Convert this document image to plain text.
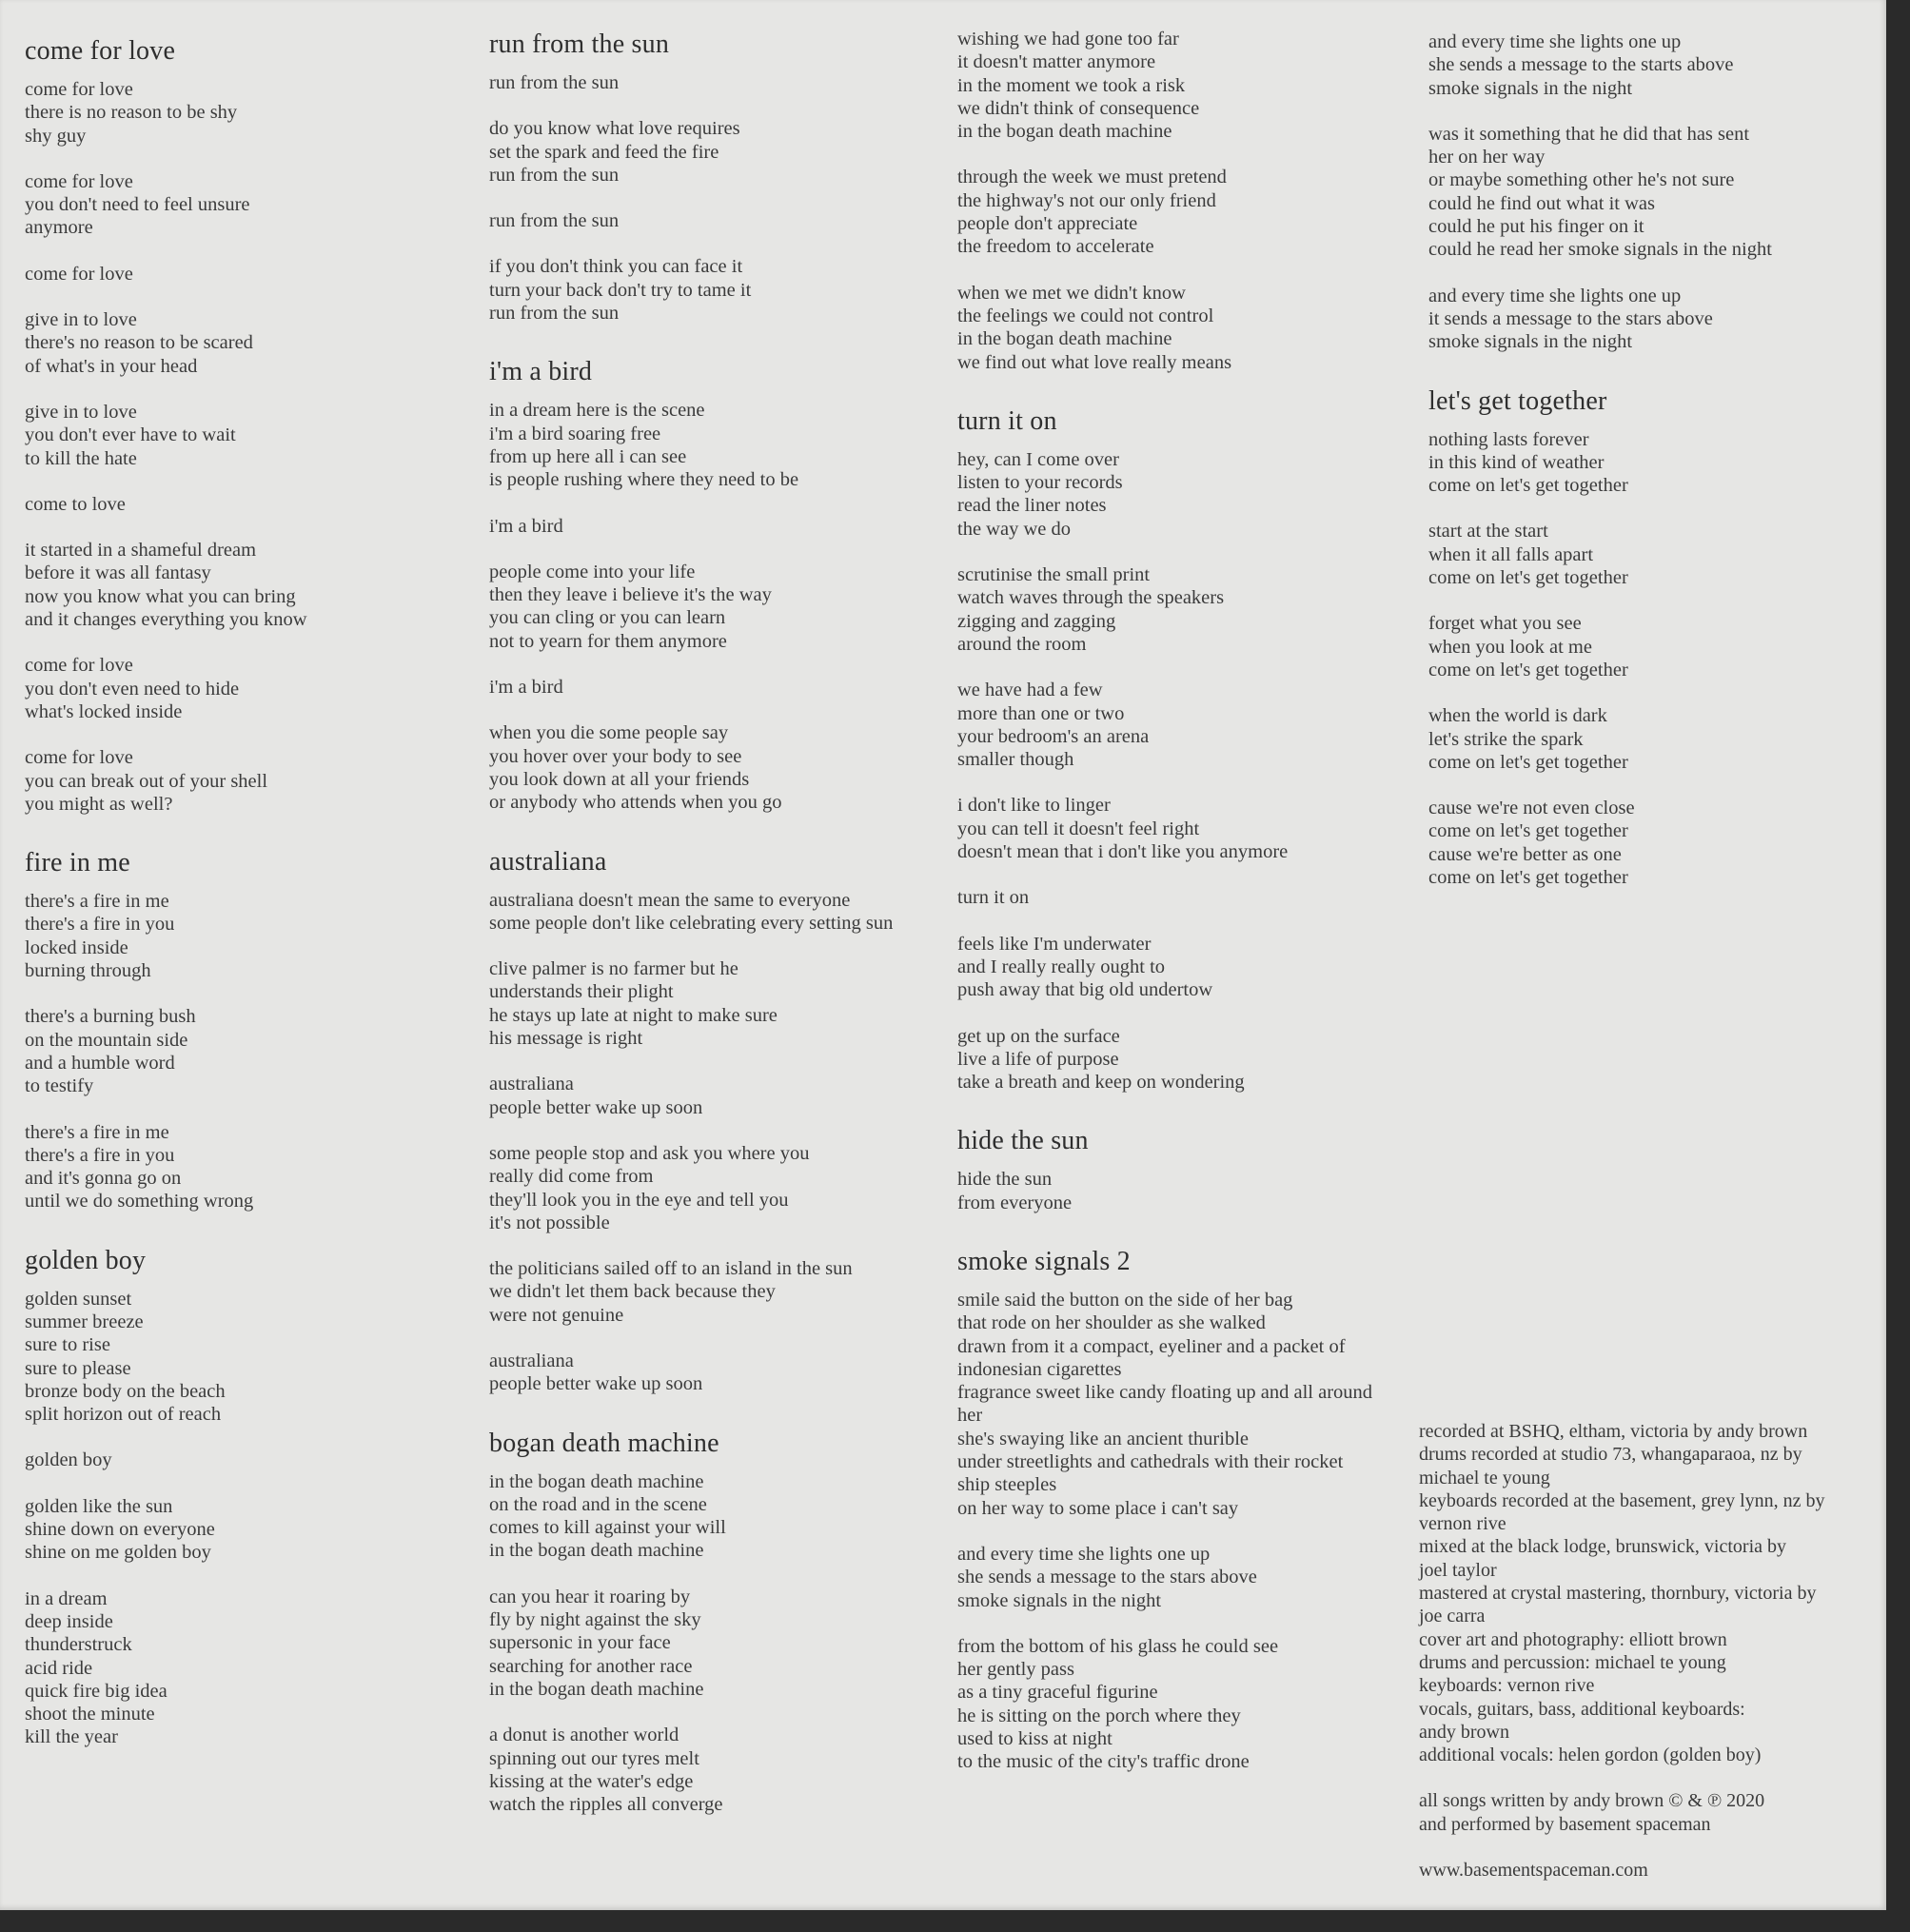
come for love
come for love
there is no reason to be shy
shy guy
come for love
you don't need to feel unsure
anymore
come for love
give in to love
there's no reason to be scared
of what's in your head
give in to love
you don't ever have to wait
to kill the hate
come to love
it started in a shameful dream
before it was all fantasy
now you know what you can bring
and it changes everything you know
come for love
you don't even need to hide
what's locked inside
come for love
you can break out of your shell
you might as well?
fire in me
there's a fire in me
there's a fire in you
locked inside
burning through
there's a burning bush
on the mountain side
and a humble word
to testify
there's a fire in me
there's a fire in you
and it's gonna go on
until we do something wrong
golden boy
golden sunset
summer breeze
sure to rise
sure to please
bronze body on the beach
split horizon out of reach
golden boy
golden like the sun
shine down on everyone
shine on me golden boy
in a dream
deep inside
thunderstruck
acid ride
quick fire big idea
shoot the minute
kill the year
run from the sun
run from the sun
do you know what love requires
set the spark and feed the fire
run from the sun
run from the sun
if you don't think you can face it
turn your back don't try to tame it
run from the sun
i'm a bird
in a dream here is the scene
i'm a bird soaring free
from up here all i can see
is people rushing where they need to be
i'm a bird
people come into your life
then they leave i believe it's the way
you can cling or you can learn
not to yearn for them anymore
i'm a bird
when you die some people say
you hover over your body to see
you look down at all your friends
or anybody who attends when you go
australiana
australiana doesn't mean the same to everyone
some people don't like celebrating every setting sun
clive palmer is no farmer but he
understands their plight
he stays up late at night to make sure
his message is right
australiana
people better wake up soon
some people stop and ask you where you
really did come from
they'll look you in the eye and tell you
it's not possible
the politicians sailed off to an island in the sun
we didn't let them back because they
were not genuine
australiana
people better wake up soon
bogan death machine
in the bogan death machine
on the road and in the scene
comes to kill against your will
in the bogan death machine
can you hear it roaring by
fly by night against the sky
supersonic in your face
searching for another race
in the bogan death machine
a donut is another world
spinning out our tyres melt
kissing at the water's edge
watch the ripples all converge
wishing we had gone too far
it doesn't matter anymore
in the moment we took a risk
we didn't think of consequence
in the bogan death machine
through the week we must pretend
the highway's not our only friend
people don't appreciate
the freedom to accelerate
when we met we didn't know
the feelings we could not control
in the bogan death machine
we find out what love really means
turn it on
hey, can I come over
listen to your records
read the liner notes
the way we do
scrutinise the small print
watch waves through the speakers
zigging and zagging
around the room
we have had a few
more than one or two
your bedroom's an arena
smaller though
i don't like to linger
you can tell it doesn't feel right
doesn't mean that i don't like you anymore
turn it on
feels like I'm underwater
and I really really ought to
push away that big old undertow
get up on the surface
live a life of purpose
take a breath and keep on wondering
hide the sun
hide the sun
from everyone
smoke signals 2
smile said the button on the side of her bag
that rode on her shoulder as she walked
drawn from it a compact, eyeliner and a packet of
indonesian cigarettes
fragrance sweet like candy floating up and all around
her
she's swaying like an ancient thurible
under streetlights and cathedrals with their rocket
ship steeples
on her way to some place i can't say
and every time she lights one up
she sends a message to the stars above
smoke signals in the night
from the bottom of his glass he could see
her gently pass
as a tiny graceful figurine
he is sitting on the porch where they
used to kiss at night
to the music of the city's traffic drone
and every time she lights one up
she sends a message to the starts above
smoke signals in the night
was it something that he did that has sent
her on her way
or maybe something other he's not sure
could he find out what it was
could he put his finger on it
could he read her smoke signals in the night
and every time she lights one up
it sends a message to the stars above
smoke signals in the night
let's get together
nothing lasts forever
in this kind of weather
come on let's get together
start at the start
when it all falls apart
come on let's get together
forget what you see
when you look at me
come on let's get together
when the world is dark
let's strike the spark
come on let's get together
cause we're not even close
come on let's get together
cause we're better as one
come on let's get together
recorded at BSHQ, eltham, victoria by andy brown
drums recorded at studio 73, whangaparaoa, nz by
michael te young
keyboards recorded at the basement, grey lynn, nz by
vernon rive
mixed at the black lodge, brunswick, victoria by
joel taylor
mastered at crystal mastering, thornbury, victoria by
joe carra
cover art and photography: elliott brown
drums and percussion: michael te young
keyboards: vernon rive
vocals, guitars, bass, additional keyboards:
andy brown
additional vocals: helen gordon (golden boy)
all songs written by andy brown © & ℗ 2020
and performed by basement spaceman
www.basementspaceman.com
